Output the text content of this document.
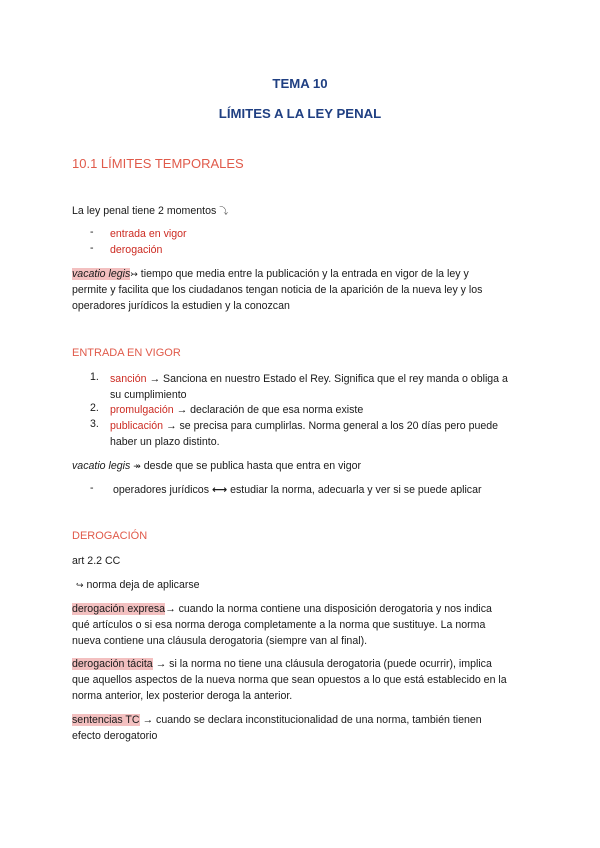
TEMA 10
LÍMITES A LA LEY PENAL
10.1 LÍMITES TEMPORALES
La ley penal tiene 2 momentos ⤵
- entrada en vigor
- derogación
vacatio legis↣ tiempo que media entre la publicación y la entrada en vigor de la ley y
permite y facilita que los ciudadanos tengan noticia de la aparición de la nueva ley y los
operadores jurídicos la estudien y la conozcan
ENTRADA EN VIGOR
1. sanción → Sanciona en nuestro Estado el Rey. Significa que el rey manda o obliga a
su cumplimiento
2. promulgación → declaración de que esa norma existe
3. publicación → se precisa para cumplirlas. Norma general a los 20 días pero puede
haber un plazo distinto.
vacatio legis ↠ desde que se publica hasta que entra en vigor
- operadores jurídicos ⟷ estudiar la norma, adecuarla y ver si se puede aplicar
DEROGACIÓN
art 2.2 CC
↪ norma deja de aplicarse
derogación expresa→ cuando la norma contiene una disposición derogatoria y nos indica
qué artículos o si esa norma deroga completamente a la norma que sustituye. La norma
nueva contiene una cláusula derogatoria (siempre van al final).
derogación tácita → si la norma no tiene una cláusula derogatoria (puede ocurrir), implica
que aquellos aspectos de la nueva norma que sean opuestos a lo que está establecido en la
norma anterior, lex posterior deroga la anterior.
sentencias TC → cuando se declara inconstitucionalidad de una norma, también tienen
efecto derogatorio
